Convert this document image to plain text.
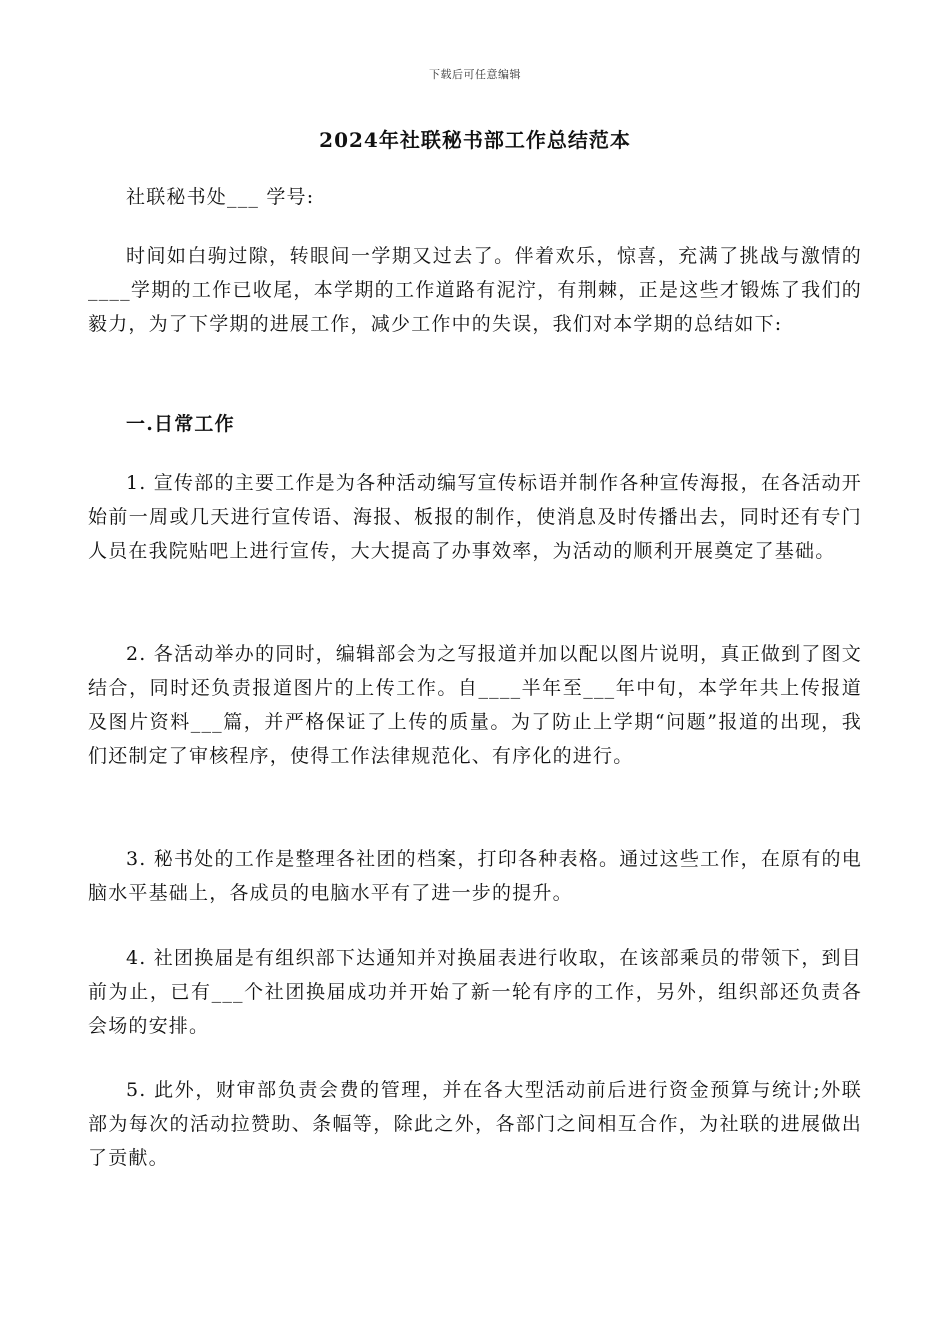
下载后可任意编辑
2024年社联秘书部工作总结范本

社联秘书处___ 学号:

时间如白驹过隙，转眼间一学期又过去了。伴着欢乐，惊喜，充满了挑战与激情的____学期的工作已收尾，本学期的工作道路有泥泞，有荆棘，正是这些才锻炼了我们的毅力，为了下学期的进展工作，减少工作中的失误，我们对本学期的总结如下:

一.日常工作

1. 宣传部的主要工作是为各种活动编写宣传标语并制作各种宣传海报，在各活动开始前一周或几天进行宣传语、海报、板报的制作，使消息及时传播出去，同时还有专门人员在我院贴吧上进行宣传，大大提高了办事效率，为活动的顺利开展奠定了基础。

2. 各活动举办的同时，编辑部会为之写报道并加以配以图片说明，真正做到了图文结合，同时还负责报道图片的上传工作。自____半年至___年中旬，本学年共上传报道及图片资料___篇，并严格保证了上传的质量。为了防止上学期“问题”报道的出现，我们还制定了审核程序，使得工作法律规范化、有序化的进行。

3. 秘书处的工作是整理各社团的档案，打印各种表格。通过这些工作，在原有的电脑水平基础上，各成员的电脑水平有了进一步的提升。

4. 社团换届是有组织部下达通知并对换届表进行收取，在该部乘员的带领下，到目前为止，已有___个社团换届成功并开始了新一轮有序的工作，另外，组织部还负责各会场的安排。

5. 此外，财审部负责会费的管理，并在各大型活动前后进行资金预算与统计;外联部为每次的活动拉赞助、条幅等，除此之外，各部门之间相互合作，为社联的进展做出了贡献。
